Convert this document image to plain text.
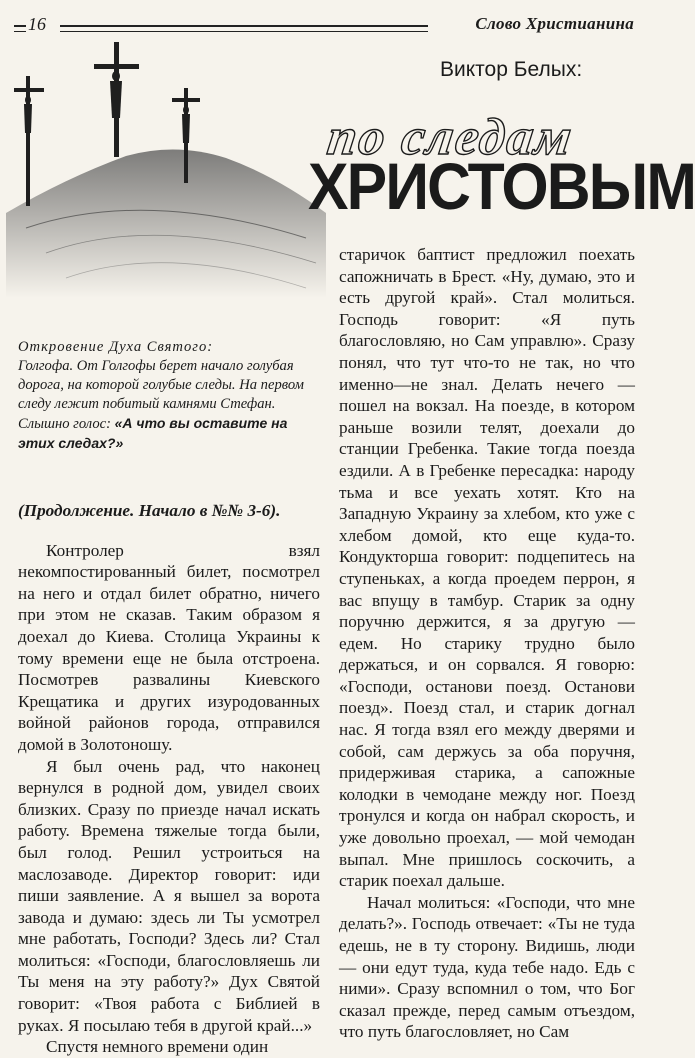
16	Слово Христианина
Виктор Белых:
по следам
ХРИСТОВЫМ
Откровение Духа Святого:
Голгофа. От Голгофы берет начало голубая дорога, на которой голубые следы. На первом следу лежит побитый камнями Стефан.
Слышно голос: «А что вы оставите на этих следах?»

(Продолжение. Начало в №№ 3-6).

Контролер взял некомпостированный билет, посмотрел на него и отдал билет обратно, ничего при этом не сказав. Таким образом я доехал до Киева. Столица Украины к тому времени еще не была отстроена. Посмотрев развалины Киевского Крещатика и других изуродованных войной районов города, отправился домой в Золотоношу.

Я был очень рад, что наконец вернулся в родной дом, увидел своих близких. Сразу по приезде начал искать работу. Времена тяжелые тогда были, был голод. Решил устроиться на маслозаводе. Директор говорит: иди пиши заявление. А я вышел за ворота завода и думаю: здесь ли Ты усмотрел мне работать, Господи? Здесь ли? Стал молиться: «Господи, благословляешь ли Ты меня на эту работу?» Дух Святой говорит: «Твоя работа с Библией в руках. Я посылаю тебя в другой край...»

Спустя немного времени один

старичок баптист предложил поехать сапожничать в Брест. «Ну, думаю, это и есть другой край». Стал молиться. Господь говорит: «Я путь благословляю, но Сам управлю». Сразу понял, что тут что-то не так, но что именно—не знал. Делать нечего — пошел на вокзал. На поезде, в котором раньше возили телят, доехали до станции Гребенка. Такие тогда поезда ездили. А в Гребенке пересадка: народу тьма и все уехать хотят. Кто на Западную Украину за хлебом, кто уже с хлебом домой, кто еще куда-то. Кондукторша говорит: подцепитесь на ступеньках, а когда проедем перрон, я вас впущу в тамбур. Старик за одну поручню держится, я за другую — едем. Но старику трудно было держаться, и он сорвался. Я говорю: «Господи, останови поезд. Останови поезд». Поезд стал, и старик догнал нас. Я тогда взял его между дверями и собой, сам держусь за оба поручня, придерживая старика, а сапожные колодки в чемодане между ног. Поезд тронулся и когда он набрал скорость, и уже довольно проехал, — мой чемодан выпал. Мне пришлось соскочить, а старик поехал дальше.

Начал молиться: «Господи, что мне делать?». Господь отвечает: «Ты не туда едешь, не в ту сторону. Видишь, люди — они едут туда, куда тебе надо. Едь с ними». Сразу вспомнил о том, что Бог сказал прежде, перед самым отъездом, что путь благословляет, но Сам
